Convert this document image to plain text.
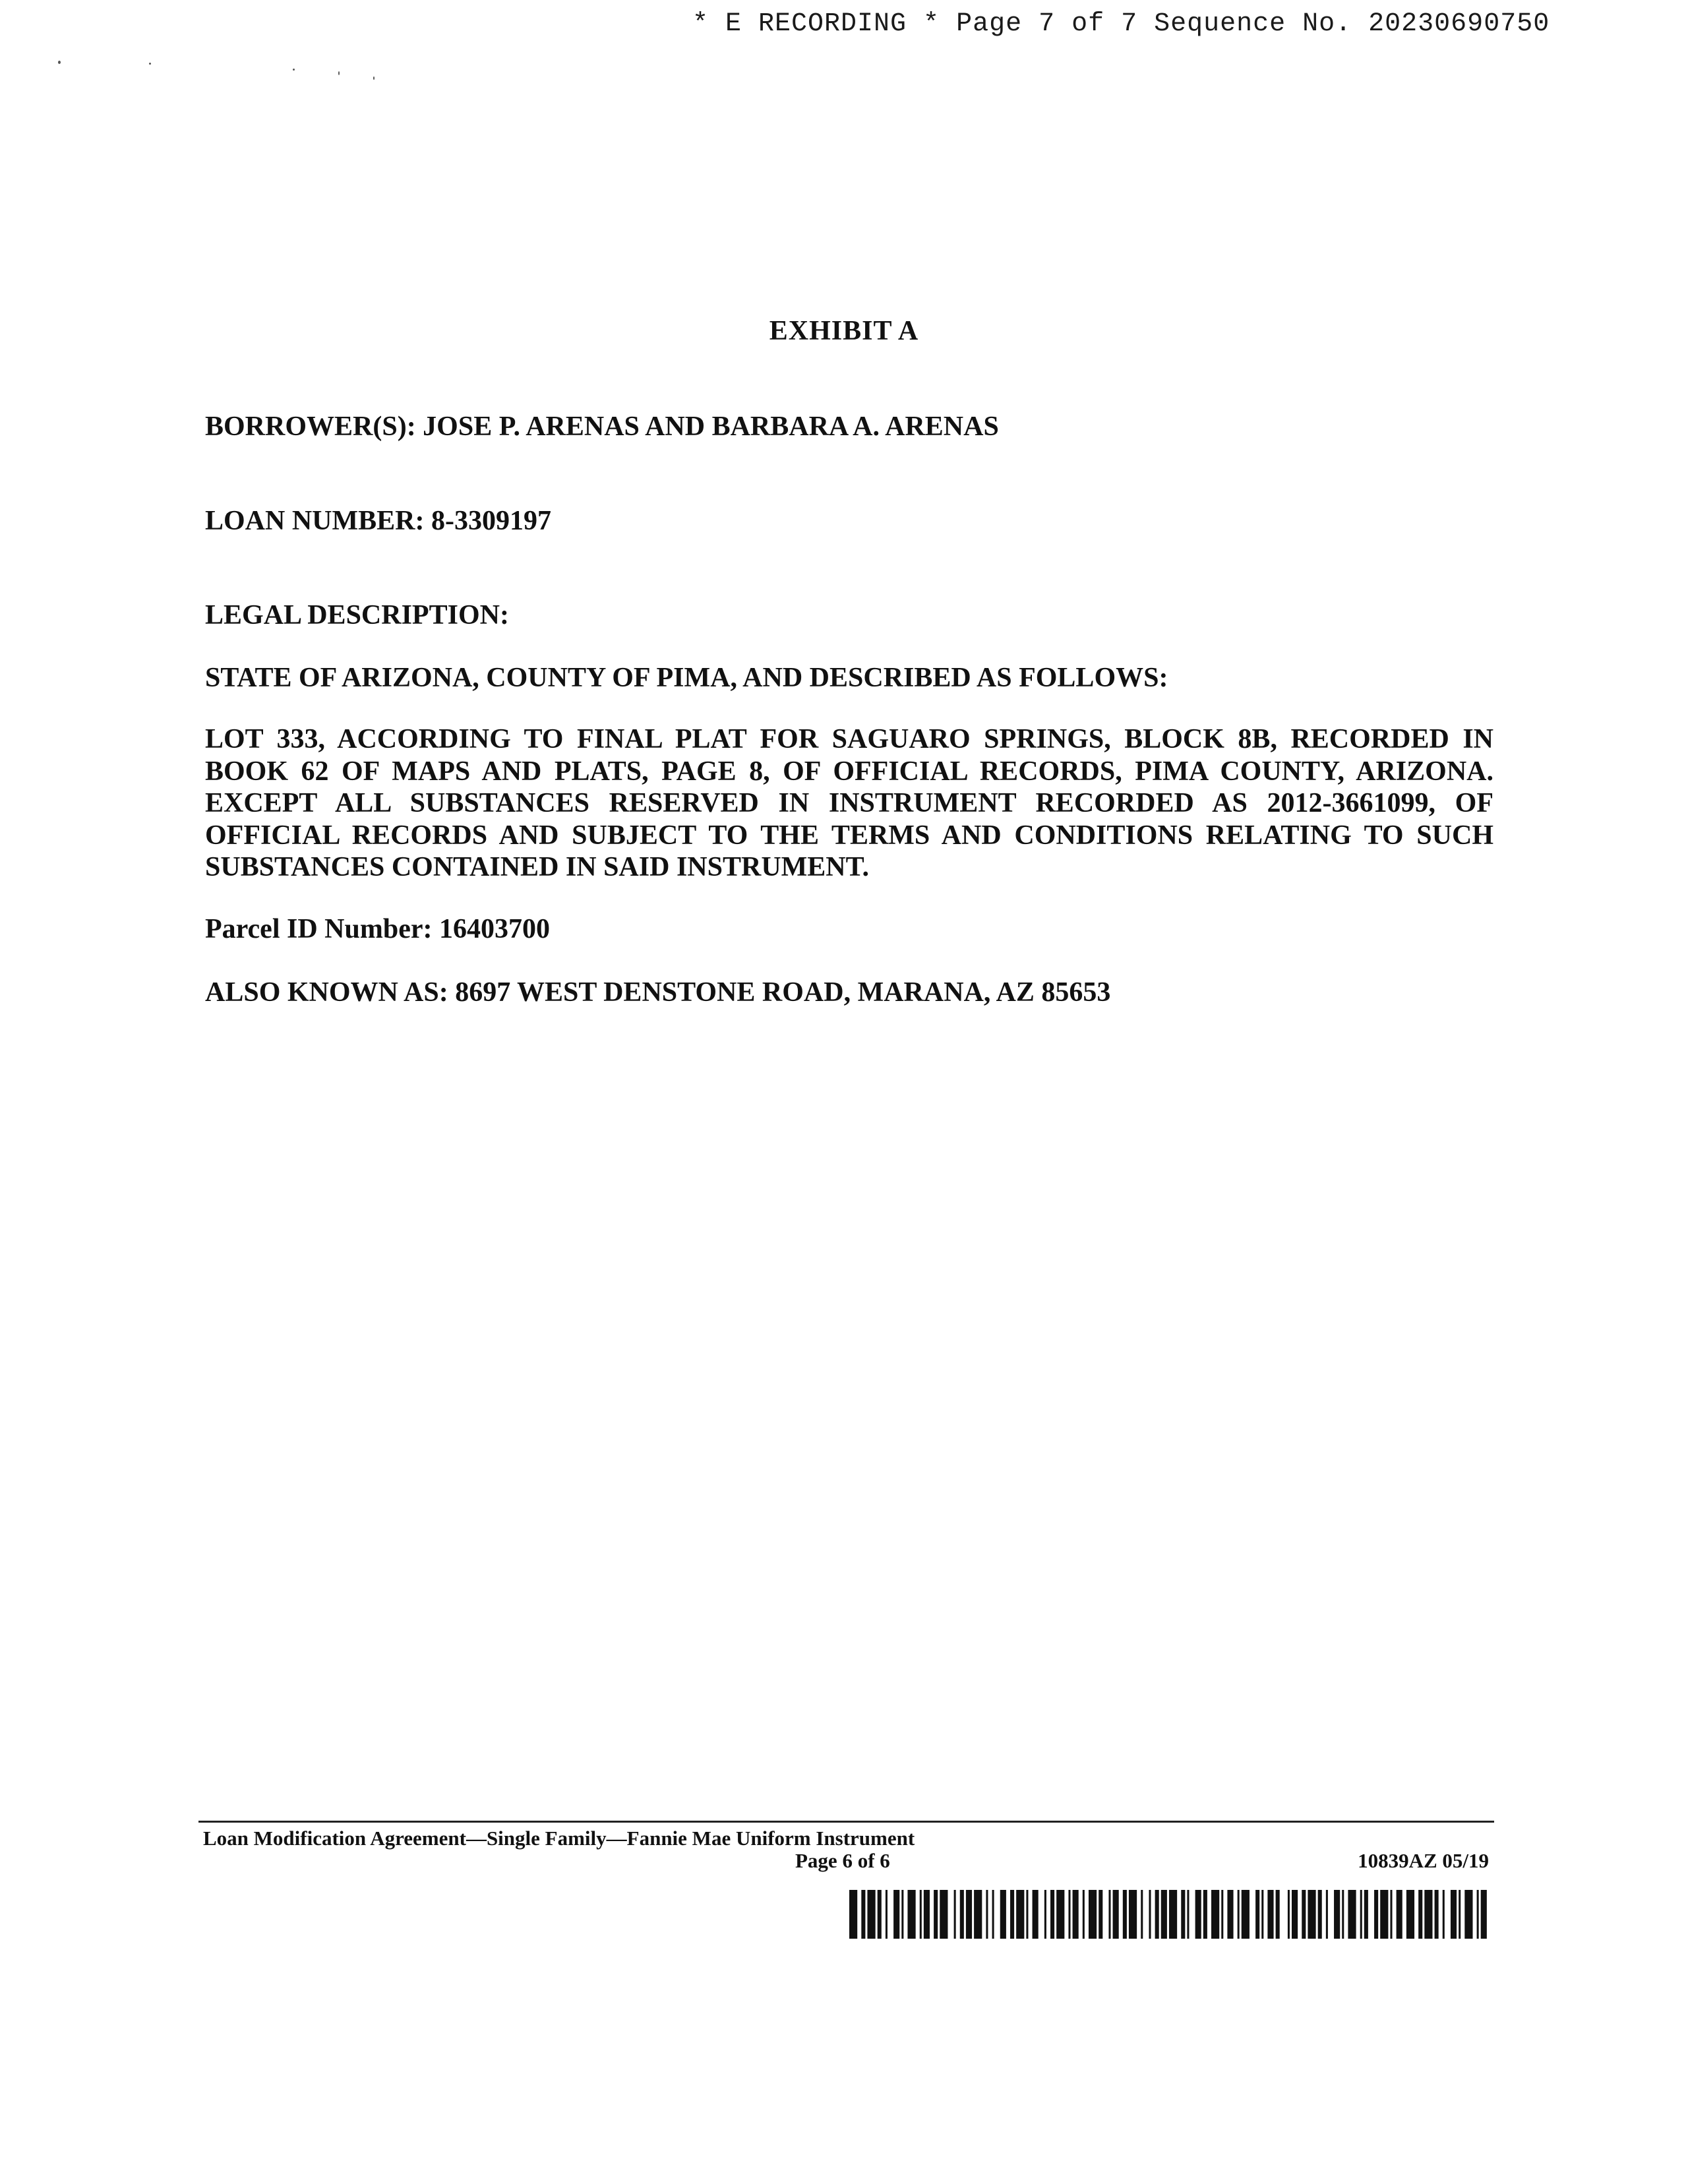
* E RECORDING * Page 7 of 7 Sequence No. 20230690750
EXHIBIT A
BORROWER(S): JOSE P. ARENAS AND BARBARA A. ARENAS
LOAN NUMBER: 8-3309197
LEGAL DESCRIPTION:
STATE OF ARIZONA, COUNTY OF PIMA, AND DESCRIBED AS FOLLOWS:
LOT 333, ACCORDING TO FINAL PLAT FOR SAGUARO SPRINGS, BLOCK 8B, RECORDED IN BOOK 62 OF MAPS AND PLATS, PAGE 8, OF OFFICIAL RECORDS, PIMA COUNTY, ARIZONA. EXCEPT ALL SUBSTANCES RESERVED IN INSTRUMENT RECORDED AS 2012-3661099, OF OFFICIAL RECORDS AND SUBJECT TO THE TERMS AND CONDITIONS RELATING TO SUCH SUBSTANCES CONTAINED IN SAID INSTRUMENT.
Parcel ID Number: 16403700
ALSO KNOWN AS: 8697 WEST DENSTONE ROAD, MARANA, AZ 85653
Loan Modification Agreement—Single Family—Fannie Mae Uniform Instrument
Page 6 of 6	10839AZ 05/19
